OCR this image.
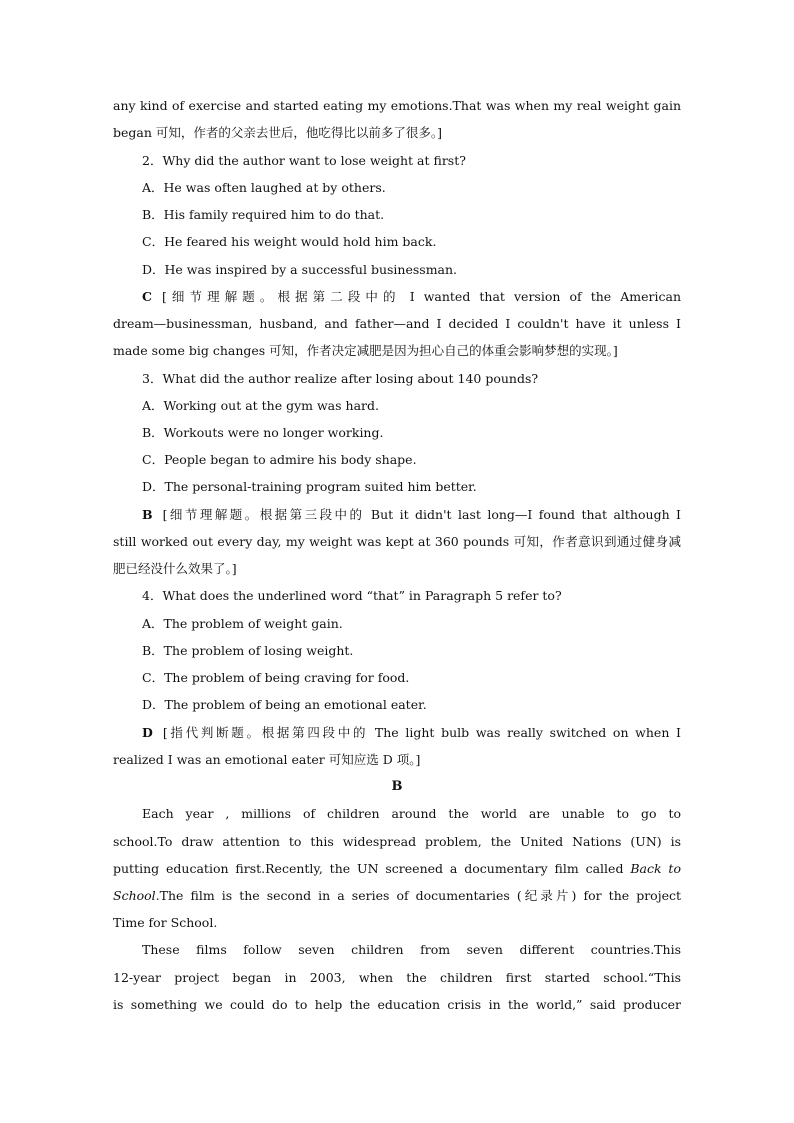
any kind of exercise and started eating my emotions.That was when my real weight gain
began 可知，作者的父亲去世后，他吃得比以前多了很多。]
2．Why did the author want to lose weight at first?
A．He was often laughed at by others.
B．His family required him to do that.
C．He feared his weight would hold him back.
D．He was inspired by a successful businessman.
C [细节理解题。根据第二段中的 I wanted that version of the American
dream—businessman, husband, and father—and I decided I couldn't have it unless I
made some big changes 可知，作者决定减肥是因为担心自己的体重会影响梦想的实现。]
3．What did the author realize after losing about 140 pounds?
A．Working out at the gym was hard.
B．Workouts were no longer working.
C．People began to admire his body shape.
D．The personal-training program suited him better.
B [细节理解题。根据第三段中的 But it didn't last long—I found that although I
still worked out every day, my weight was kept at 360 pounds 可知，作者意识到通过健身减
肥已经没什么效果了。]
4．What does the underlined word “that” in Paragraph 5 refer to?
A．The problem of weight gain.
B．The problem of losing weight.
C．The problem of being craving for food.
D．The problem of being an emotional eater.
D [指代判断题。根据第四段中的 The light bulb was really switched on when I
realized I was an emotional eater 可知应选 D 项。]
B
Each year , millions of children around the world are unable to go to
school.To draw attention to this widespread problem, the United Nations (UN) is
putting education first.Recently, the UN screened a documentary film called Back to
School.The film is the second in a series of documentaries (纪录片) for the project
Time for School.
These films follow seven children from seven different countries.This
12-year project began in 2003, when the children first started school.“This
is something we could do to help the education crisis in the world,” said producer
